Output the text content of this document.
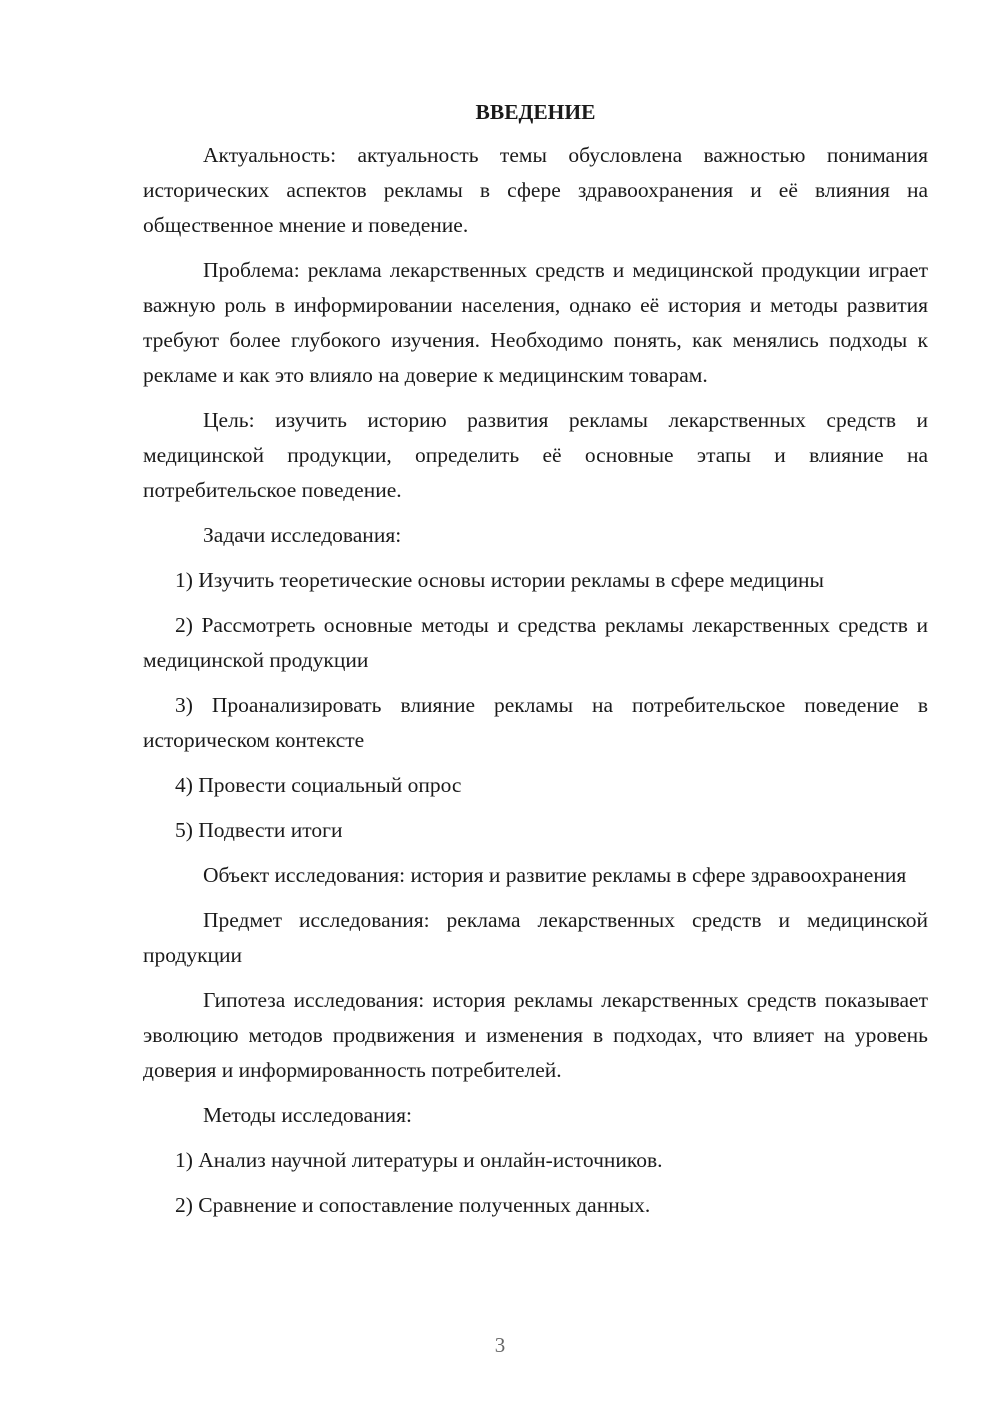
ВВЕДЕНИЕ

Актуальность: актуальность темы обусловлена важностью понимания исторических аспектов рекламы в сфере здравоохранения и её влияния на общественное мнение и поведение.

Проблема: реклама лекарственных средств и медицинской продукции играет важную роль в информировании населения, однако её история и методы развития требуют более глубокого изучения. Необходимо понять, как менялись подходы к рекламе и как это влияло на доверие к медицинским товарам.

Цель: изучить историю развития рекламы лекарственных средств и медицинской продукции, определить её основные этапы и влияние на потребительское поведение.

Задачи исследования:

1) Изучить теоретические основы истории рекламы в сфере медицины

2) Рассмотреть основные методы и средства рекламы лекарственных средств и медицинской продукции

3) Проанализировать влияние рекламы на потребительское поведение в историческом контексте

4) Провести социальный опрос

5) Подвести итоги

Объект исследования: история и развитие рекламы в сфере здравоохранения

Предмет исследования: реклама лекарственных средств и медицинской продукции

Гипотеза исследования: история рекламы лекарственных средств показывает эволюцию методов продвижения и изменения в подходах, что влияет на уровень доверия и информированность потребителей.

Методы исследования:

1) Анализ научной литературы и онлайн-источников.

2) Сравнение и сопоставление полученных данных.

3
